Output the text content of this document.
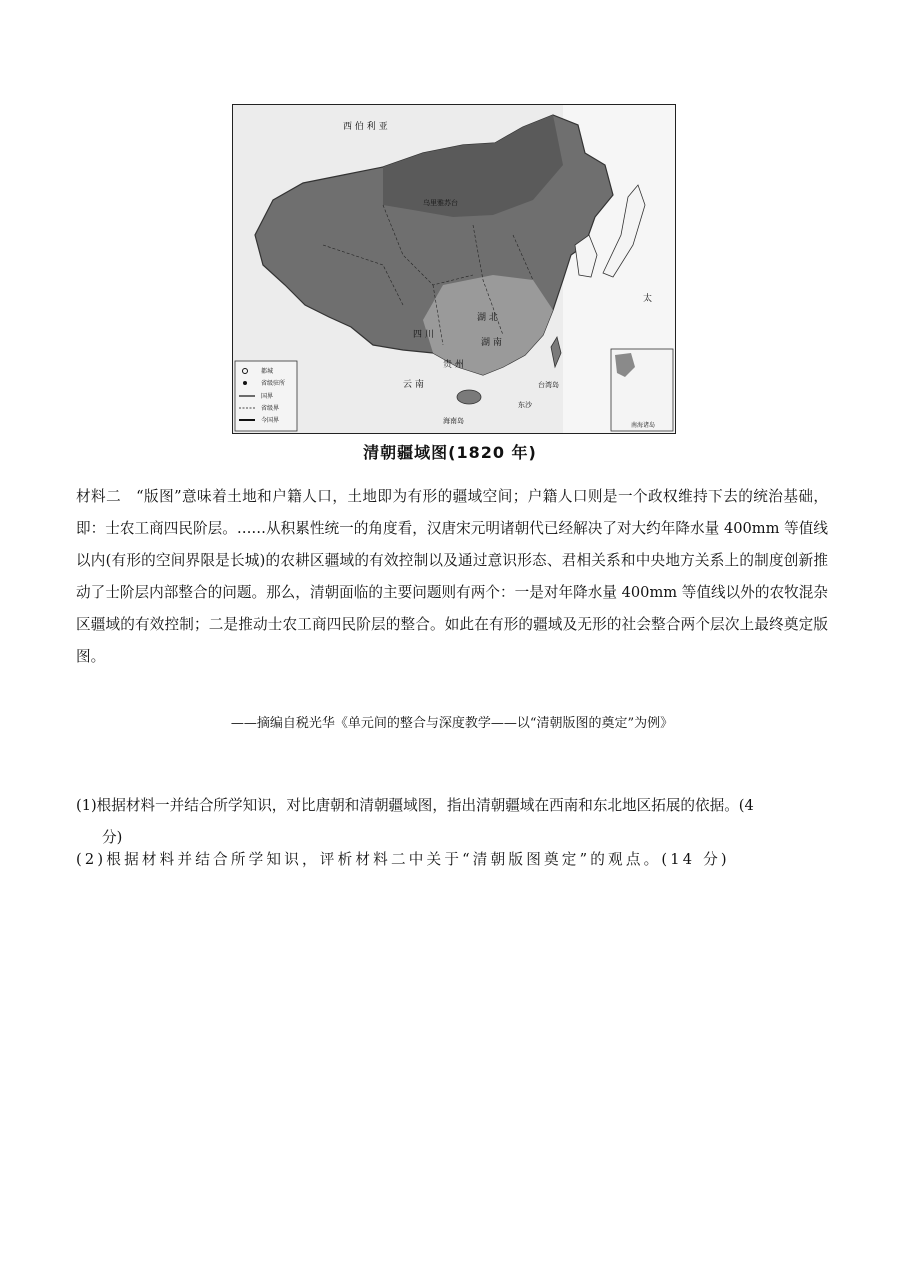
都城
省级驻所
国界
省级界
今国界
南海诸岛
西 伯 利 亚
乌里雅苏台
四 川
云 南
贵 州
湖 南
湖 北
台湾岛
海南岛
东沙
太
清朝疆域图(1820 年)

材料二　“版图”意味着土地和户籍人口，土地即为有形的疆域空间；户籍人口则是一个政权维持下去的统治基础，即：士农工商四民阶层。……从积累性统一的角度看，汉唐宋元明诸朝代已经解决了对大约年降水量 400mm 等值线以内(有形的空间界限是长城)的农耕区疆域的有效控制以及通过意识形态、君相关系和中央地方关系上的制度创新推动了士阶层内部整合的问题。那么，清朝面临的主要问题则有两个：一是对年降水量 400mm 等值线以外的农牧混杂区疆域的有效控制；二是推动士农工商四民阶层的整合。如此在有形的疆域及无形的社会整合两个层次上最终奠定版图。

——摘编自税光华《单元间的整合与深度教学——以“清朝版图的奠定”为例》
(1)根据材料一并结合所学知识，对比唐朝和清朝疆域图，指出清朝疆域在西南和东北地区拓展的依据。(4
分)
(2)根据材料并结合所学知识，评析材料二中关于“清朝版图奠定”的观点。(14 分)
